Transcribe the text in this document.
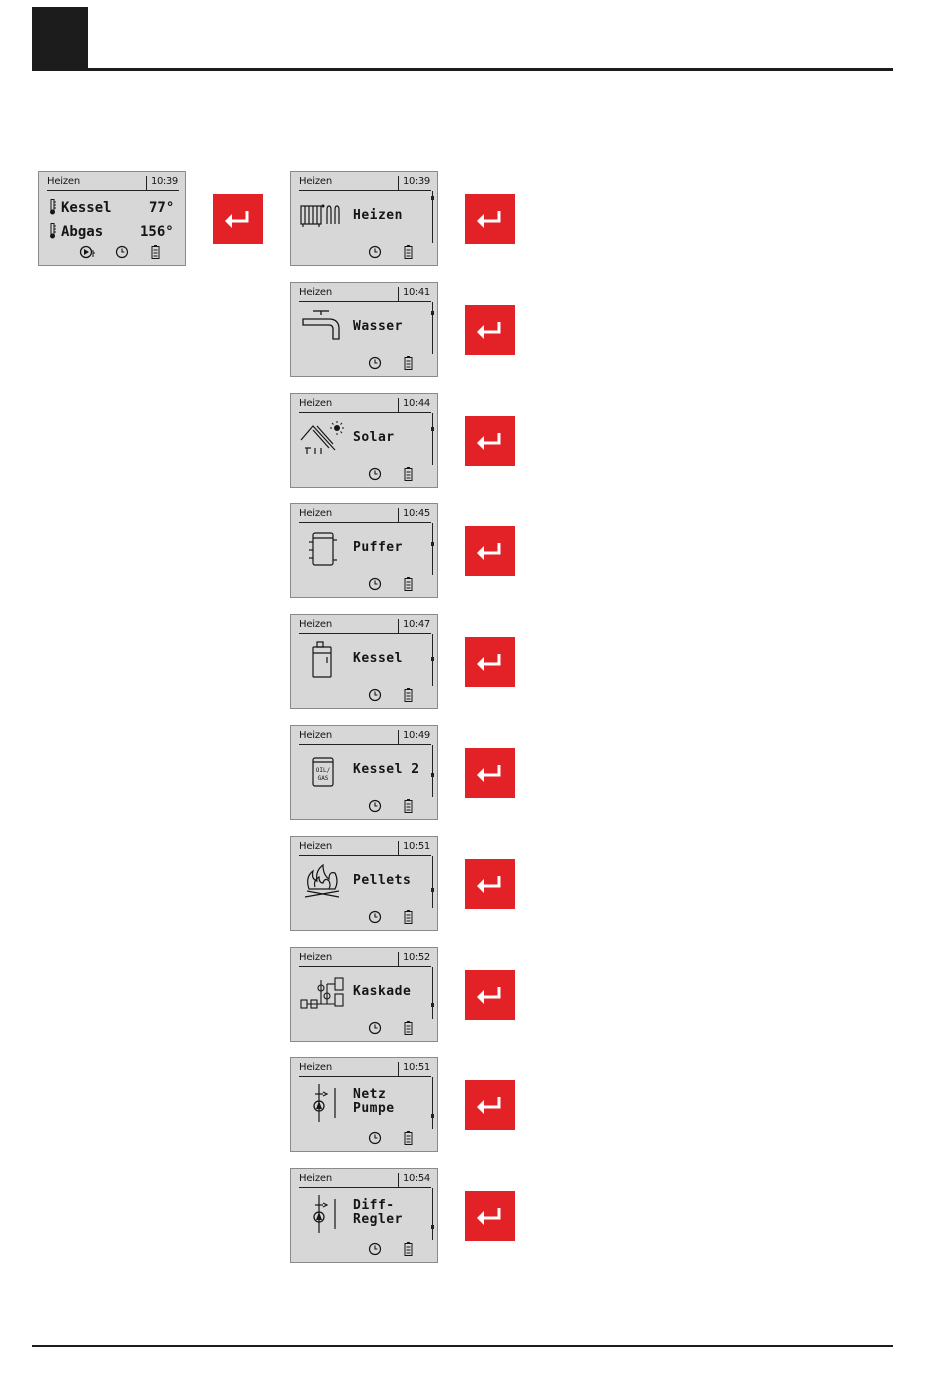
Heizen	10:39
Kessel	77°
Abgas	156°
Heizen	10:39
Heizen
Heizen	10:41
Wasser
Heizen	10:44
Solar
Heizen	10:45
Puffer
Heizen	10:47
Kessel
Heizen	10:49
OIL/
GAS
Kessel 2
Heizen	10:51
Pellets
Heizen	10:52
Kaskade
Heizen	10:51
Netz
Pumpe
Heizen	10:54
Diff-
Regler
